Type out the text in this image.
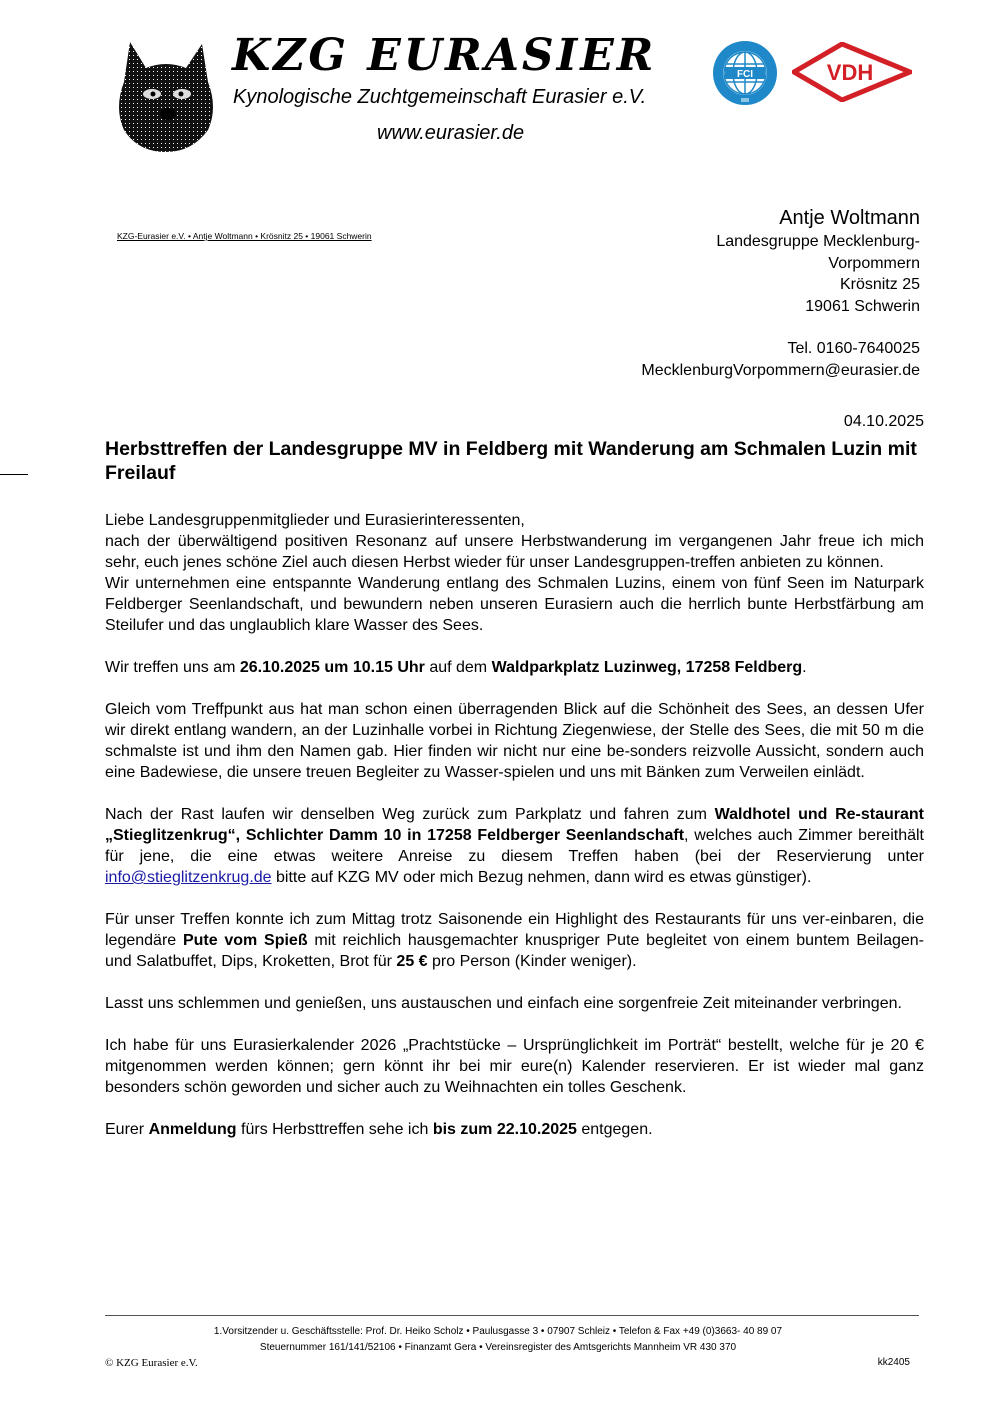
KZG EURASIER
Kynologische Zuchtgemeinschaft Eurasier e.V.
www.eurasier.de
FCI	VDH
KZG-Eurasier e.V. • Antje Woltmann • Krösnitz 25 • 19061 Schwerin
Antje Woltmann
Landesgruppe Mecklenburg-
Vorpommern
Krösnitz 25
19061 Schwerin
Tel. 0160-7640025
MecklenburgVorpommern@eurasier.de
04.10.2025
Herbsttreffen der Landesgruppe MV in Feldberg mit Wanderung am Schmalen Luzin mit Freilauf

Liebe Landesgruppenmitglieder und Eurasierinteressenten,

nach der überwältigend positiven Resonanz auf unsere Herbstwanderung im vergangenen Jahr freue ich mich sehr, euch jenes schöne Ziel auch diesen Herbst wieder für unser Landesgruppen-treffen anbieten zu können.

Wir unternehmen eine entspannte Wanderung entlang des Schmalen Luzins, einem von fünf Seen im Naturpark Feldberger Seenlandschaft, und bewundern neben unseren Eurasiern auch die herrlich bunte Herbstfärbung am Steilufer und das unglaublich klare Wasser des Sees.

Wir treffen uns am 26.10.2025 um 10.15 Uhr auf dem Waldparkplatz Luzinweg, 17258 Feldberg.

Gleich vom Treffpunkt aus hat man schon einen überragenden Blick auf die Schönheit des Sees, an dessen Ufer wir direkt entlang wandern, an der Luzinhalle vorbei in Richtung Ziegenwiese, der Stelle des Sees, die mit 50 m die schmalste ist und ihm den Namen gab. Hier finden wir nicht nur eine be-sonders reizvolle Aussicht, sondern auch eine Badewiese, die unsere treuen Begleiter zu Wasser-spielen und uns mit Bänken zum Verweilen einlädt.

Nach der Rast laufen wir denselben Weg zurück zum Parkplatz und fahren zum Waldhotel und Re-staurant „Stieglitzenkrug“, Schlichter Damm 10 in 17258 Feldberger Seenlandschaft, welches auch Zimmer bereithält für jene, die eine etwas weitere Anreise zu diesem Treffen haben (bei der Reservierung unter info@stieglitzenkrug.de bitte auf KZG MV oder mich Bezug nehmen, dann wird es etwas günstiger).

Für unser Treffen konnte ich zum Mittag trotz Saisonende ein Highlight des Restaurants für uns ver-einbaren, die legendäre Pute vom Spieß mit reichlich hausgemachter knuspriger Pute begleitet von einem buntem Beilagen- und Salatbuffet, Dips, Kroketten, Brot für 25 € pro Person (Kinder weniger).

Lasst uns schlemmen und genießen, uns austauschen und einfach eine sorgenfreie Zeit miteinander verbringen.

Ich habe für uns Eurasierkalender 2026 „Prachtstücke – Ursprünglichkeit im Porträt“ bestellt, welche für je 20 € mitgenommen werden können; gern könnt ihr bei mir eure(n) Kalender reservieren. Er ist wieder mal ganz besonders schön geworden und sicher auch zu Weihnachten ein tolles Geschenk.

Eurer Anmeldung fürs Herbsttreffen sehe ich bis zum 22.10.2025 entgegen.

1.Vorsitzender u. Geschäftsstelle: Prof. Dr. Heiko Scholz • Paulusgasse 3 • 07907 Schleiz • Telefon & Fax +49 (0)3663- 40 89 07
Steuernummer 161/141/52106 • Finanzamt Gera • Vereinsregister des Amtsgerichts Mannheim VR 430 370
© KZG Eurasier e.V.	kk2405
